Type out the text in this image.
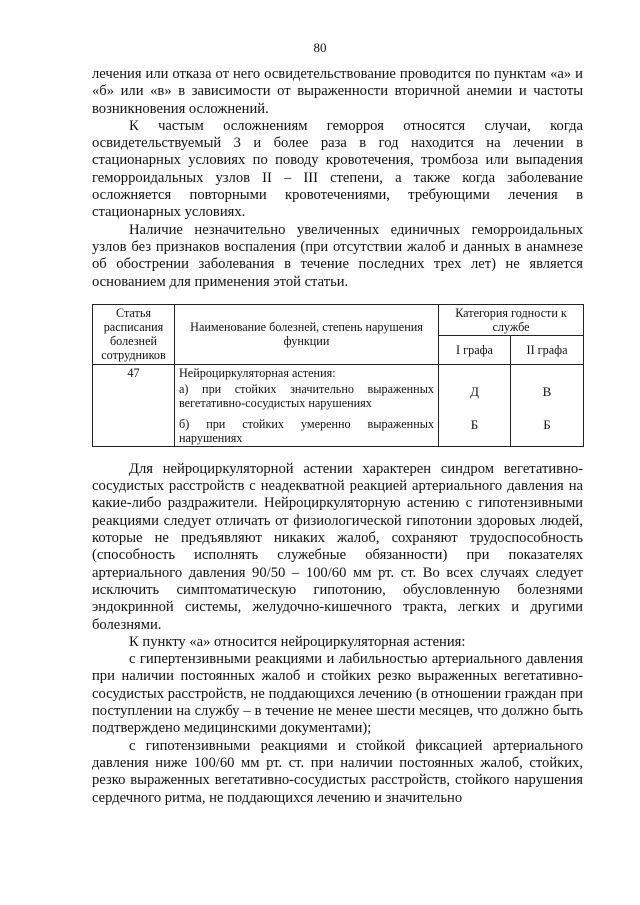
80

лечения или отказа от него освидетельствование проводится по пунктам «а» и «б» или «в» в зависимости от выраженности вторичной анемии и частоты возникновения осложнений.

К частым осложнениям геморроя относятся случаи, когда освидетельствуемый 3 и более раза в год находится на лечении в стационарных условиях по поводу кровотечения, тромбоза или выпадения геморроидальных узлов II – III степени, а также когда заболевание осложняется повторными кровотечениями, требующими лечения в стационарных условиях.

Наличие незначительно увеличенных единичных геморроидальных узлов без признаков воспаления (при отсутствии жалоб и данных в анамнезе об обострении заболевания в течение последних трех лет) не является основанием для применения этой статьи.

Статья расписания болезней сотрудников	Наименование болезней, степень нарушения функции	Категория годности к службе	
		I графа	II графа
47	Нейроциркуляторная астения:		
	а) при стойких значительно выраженных вегетативно-сосудистых нарушениях	Д	В

	б) при стойких умеренно выраженных нарушениях	Б	Б

Для нейроциркуляторной астении характерен синдром вегетативно-сосудистых расстройств с неадекватной реакцией артериального давления на какие-либо раздражители. Нейроциркуляторную астению с гипотензивными реакциями следует отличать от физиологической гипотонии здоровых людей, которые не предъявляют никаких жалоб, сохраняют трудоспособность (способность исполнять служебные обязанности) при показателях артериального давления 90/50 – 100/60 мм рт. ст. Во всех случаях следует исключить симптоматическую гипотонию, обусловленную болезнями эндокринной системы, желудочно-кишечного тракта, легких и другими болезнями.

К пункту «а» относится нейроциркуляторная астения:

с гипертензивными реакциями и лабильностью артериального давления при наличии постоянных жалоб и стойких резко выраженных вегетативно-сосудистых расстройств, не поддающихся лечению (в отношении граждан при поступлении на службу – в течение не менее шести месяцев, что должно быть подтверждено медицинскими документами);

с гипотензивными реакциями и стойкой фиксацией артериального давления ниже 100/60 мм рт. ст. при наличии постоянных жалоб, стойких, резко выраженных вегетативно-сосудистых расстройств, стойкого нарушения сердечного ритма, не поддающихся лечению и значительно
